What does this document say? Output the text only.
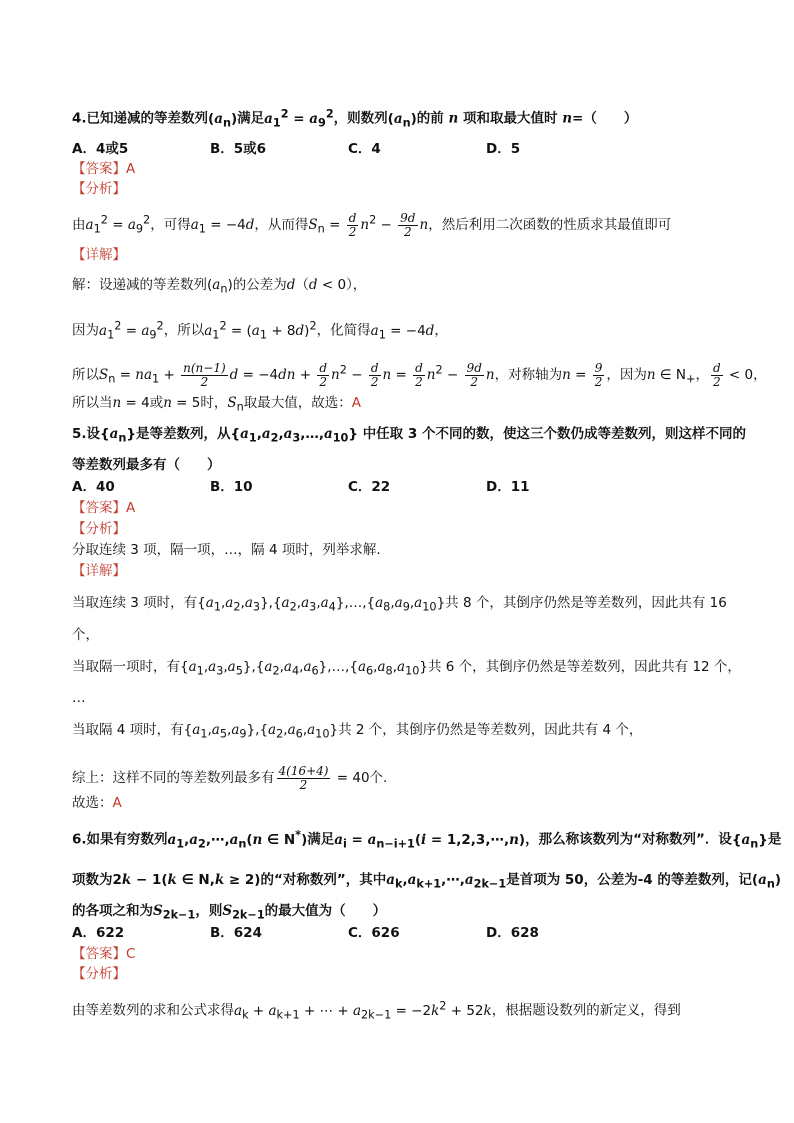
4.已知递减的等差数列$(a_n)$满足$a_1^2 = a_9^2$，则数列$(a_n)$的前 n 项和取最大值时 n=（　　）
A．4或5	B．5或6	C．4	D．5
【答案】A
【分析】
由$a_1^2 = a_9^2$，可得$a_1 = -4d$，从而得$S_n = \frac{d}{2} n^2 - \frac{9d}{2}$ n，然后利用二次函数的性质求其最值即可
【详解】
解：设递减的等差数列$(a_n)$的公差为d（d < 0），
因为$a_1^2 = a_9^2$，所以$a_1^2 = (a_1 + 8d)^2$，化简得$a_1 = -4d$，
所以$S_n = na_1 + \frac{n(n-1)}{2}$ $d = -4dn + \frac{d}{2} n^2 - \frac{d}{2}$ $n = \frac{d}{2} n^2 - \frac{9d}{2}$ n，对称轴为$n = \frac{9}{2}$ ，因为n ∈ $N_+$， $\frac{d}{2} < 0$，
所以当n = 4或n = 5时，$S_n$取最大值，故选：A
5.设$\{a_n\}$是等差数列，从$\{a_1,a_2,a_3,\dots,a_{10}\}$ 中任取 3 个不同的数，使这三个数仍成等差数列，则这样不同的
等差数列最多有（　　）
A．40	B．10	C．22	D．11
【答案】A
【分析】
分取连续 3 项，隔一项，…，隔 4 项时，列举求解.
【详解】
当取连续 3 项时，有$\{a_1,a_2,a_3\},\{a_2,a_3,a_4\},\dots,\{a_8,a_9,a_{10}\}$共 8 个，其倒序仍然是等差数列，因此共有 16
个，
当取隔一项时，有$\{a_1,a_3,a_5\},\{a_2,a_4,a_6\},\dots,\{a_6,a_8,a_{10}\}$共 6 个，其倒序仍然是等差数列，因此共有 12 个，
…
当取隔 4 项时，有$\{a_1,a_5,a_9\},\{a_2,a_6,a_{10}\}$共 2 个，其倒序仍然是等差数列，因此共有 4 个，
综上：这样不同的等差数列最多有 $\frac{4(16+4)}{2} = 40$个.
故选：A
6.如果有穷数列$a_1,a_2,\cdots,a_n(n$ ∈ N*)满足$a_i = a_{n-i+1}(i$ = 1,2,3,⋯,n)，那么称该数列为“对称数列”．设$\{a_n\}$是
项数为2k − 1(k ∈ N,k ≥ 2)的“对称数列”，其中$a_k,a_{k+1},\cdots,a_{2k-1}$是首项为 50，公差为-4 的等差数列，记$(a_n)$
的各项之和为$S_{2k-1}$，则$S_{2k-1}$的最大值为（　　）
A．622	B．624	C．626	D．628
【答案】C
【分析】
由等差数列的求和公式求得$a_k + a_{k+1}$ + ⋯ + $a_{2k-1} = -2k^2 + 52k$，根据题设数列的新定义，得到
